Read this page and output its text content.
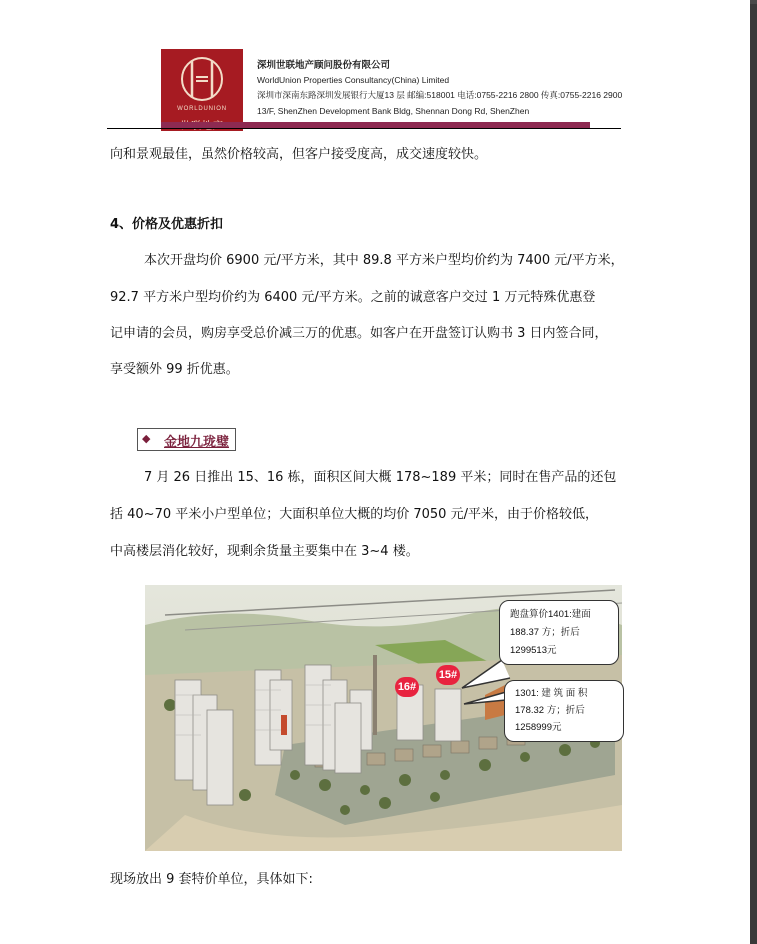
WORLDUNION
深圳世联地产顾问股份有限公司
WorldUnion Properties Consultancy(China) Limited
深圳市深南东路深圳发展银行大厦13 层 邮编:518001 电话:0755-2216 2800 传真:0755-2216 2900
13/F, ShenZhen Development Bank Bldg, Shennan Dong Rd, ShenZhen
向和景观最佳，虽然价格较高，但客户接受度高，成交速度较快。
4、价格及优惠折扣
本次开盘均价 6900 元/平方米，其中 89.8 平方米户型均价约为 7400 元/平方米，
92.7 平方米户型均价约为 6400 元/平方米。之前的诚意客户交过 1 万元特殊优惠登
记申请的会员，购房享受总价减三万的优惠。如客户在开盘签订认购书 3 日内签合同，
享受额外 99 折优惠。
◆ 金地九珑璧
7 月 26 日推出 15、16 栋，面积区间大概 178~189 平米；同时在售产品的还包
括 40~70 平米小户型单位；大面积单位大概的均价 7050 元/平米，由于价格较低，
中高楼层消化较好，现剩余货量主要集中在 3~4 楼。
16#
15#
跑盘算价1401:建面
188.37 方；折后
1299513元
1301: 建 筑 面 积
178.32 方；折后
1258999元
现场放出 9 套特价单位，具体如下:
